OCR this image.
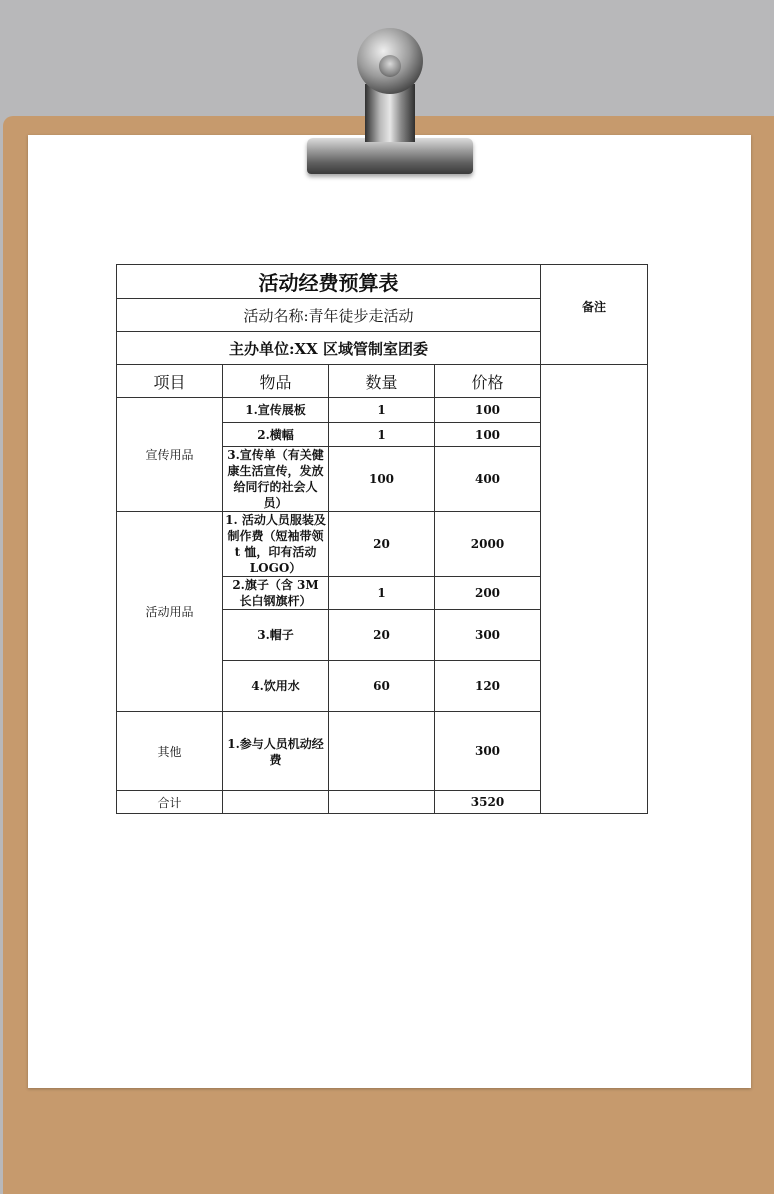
活动经费预算表				备注
活动名称:青年徒步走活动				
主办单位:XX 区域管制室团委				
项目	物品	数量	价格	
宣传用品	1.宣传展板	1	100	
	2.横幅	1	100	
	3.宣传单（有关健康生活宣传，发放给同行的社会人员）	100	400	
活动用品	1. 活动人员服装及制作费（短袖带领 t 恤，印有活动 LOGO）	20	2000	
	2.旗子（含 3M 长白钢旗杆）	1	200	
	3.帽子	20	300	
	4.饮用水	60	120	
其他	1.参与人员机动经费		300	
合计			3520	
